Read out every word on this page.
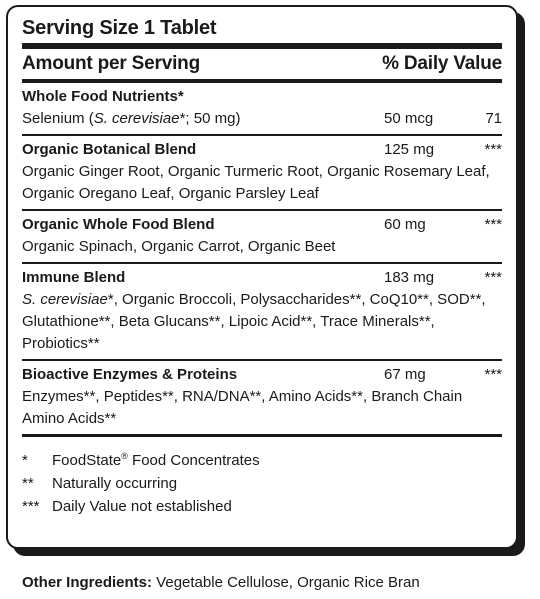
Serving Size 1 Tablet
Amount per Serving	% Daily Value
Whole Food Nutrients*
Selenium (S. cerevisiae*; 50 mg)	50 mcg	71
Organic Botanical Blend	125 mg	***
Organic Ginger Root, Organic Turmeric Root, Organic Rosemary Leaf, Organic Oregano Leaf, Organic Parsley Leaf
Organic Whole Food Blend	60 mg	***
Organic Spinach, Organic Carrot, Organic Beet
Immune Blend	183 mg	***
S. cerevisiae*, Organic Broccoli, Polysaccharides**, CoQ10**, SOD**, Glutathione**, Beta Glucans**, Lipoic Acid**, Trace Minerals**, Probiotics**
Bioactive Enzymes & Proteins	67 mg	***
Enzymes**, Peptides**, RNA/DNA**, Amino Acids**, Branch Chain Amino Acids**
* FoodState® Food Concentrates
** Naturally occurring
*** Daily Value not established
Other Ingredients: Vegetable Cellulose, Organic Rice Bran
